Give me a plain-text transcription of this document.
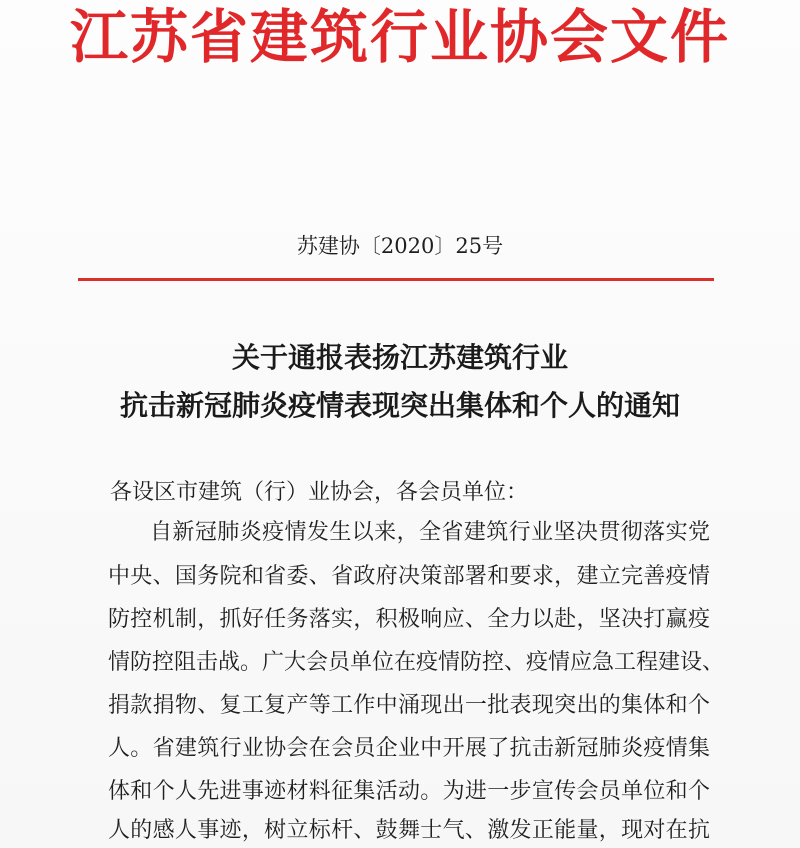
江苏省建筑行业协会文件
苏建协〔2020〕25号
关于通报表扬江苏建筑行业
抗击新冠肺炎疫情表现突出集体和个人的通知
各设区市建筑（行）业协会，各会员单位：
自新冠肺炎疫情发生以来，全省建筑行业坚决贯彻落实党
中央、国务院和省委、省政府决策部署和要求，建立完善疫情
防控机制，抓好任务落实，积极响应、全力以赴，坚决打赢疫
情防控阻击战。广大会员单位在疫情防控、疫情应急工程建设、
捐款捐物、复工复产等工作中涌现出一批表现突出的集体和个
人。省建筑行业协会在会员企业中开展了抗击新冠肺炎疫情集
体和个人先进事迹材料征集活动。为进一步宣传会员单位和个
人的感人事迹，树立标杆、鼓舞士气、激发正能量，现对在抗
